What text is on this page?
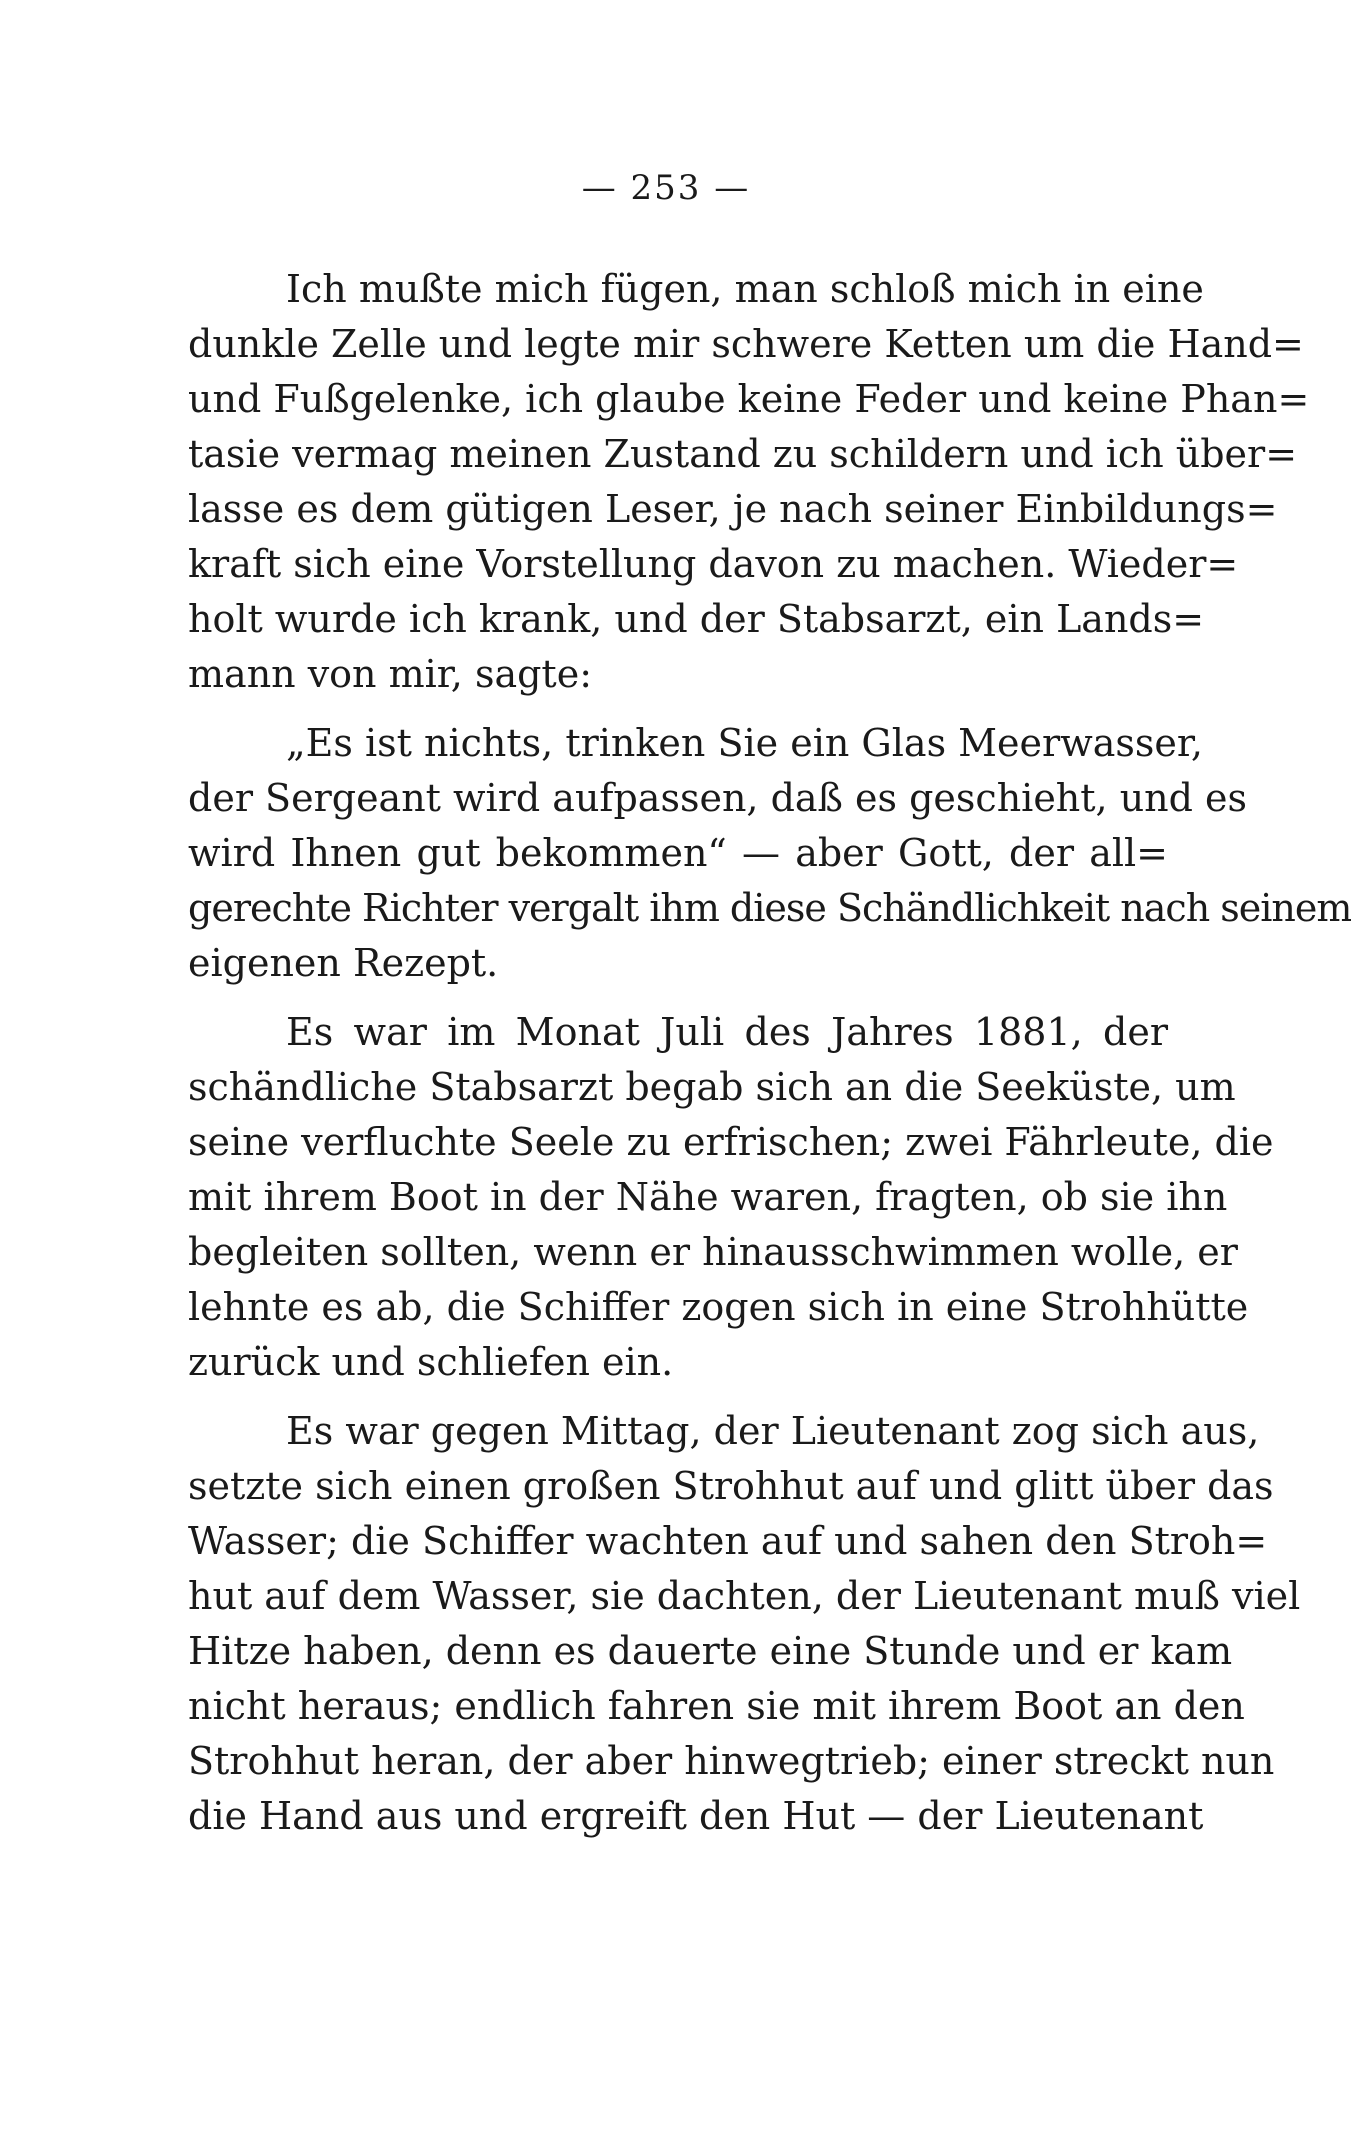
— 253 —
Ich mußte mich fügen, man schloß mich in eine
dunkle Zelle und legte mir schwere Ketten um die Hand=
und Fußgelenke, ich glaube keine Feder und keine Phan=
tasie vermag meinen Zustand zu schildern und ich über=
lasse es dem gütigen Leser, je nach seiner Einbildungs=
kraft sich eine Vorstellung davon zu machen. Wieder=
holt wurde ich krank, und der Stabsarzt, ein Lands=
mann von mir, sagte:
„Es ist nichts, trinken Sie ein Glas Meerwasser,
der Sergeant wird aufpassen, daß es geschieht, und es
wird Ihnen gut bekommen“ — aber Gott, der all=
gerechte Richter vergalt ihm diese Schändlichkeit nach seinem
eigenen Rezept.
Es war im Monat Juli des Jahres 1881, der
schändliche Stabsarzt begab sich an die Seeküste, um
seine verfluchte Seele zu erfrischen; zwei Fährleute, die
mit ihrem Boot in der Nähe waren, fragten, ob sie ihn
begleiten sollten, wenn er hinausschwimmen wolle, er
lehnte es ab, die Schiffer zogen sich in eine Strohhütte
zurück und schliefen ein.
Es war gegen Mittag, der Lieutenant zog sich aus,
setzte sich einen großen Strohhut auf und glitt über das
Wasser; die Schiffer wachten auf und sahen den Stroh=
hut auf dem Wasser, sie dachten, der Lieutenant muß viel
Hitze haben, denn es dauerte eine Stunde und er kam
nicht heraus; endlich fahren sie mit ihrem Boot an den
Strohhut heran, der aber hinwegtrieb; einer streckt nun
die Hand aus und ergreift den Hut — der Lieutenant
